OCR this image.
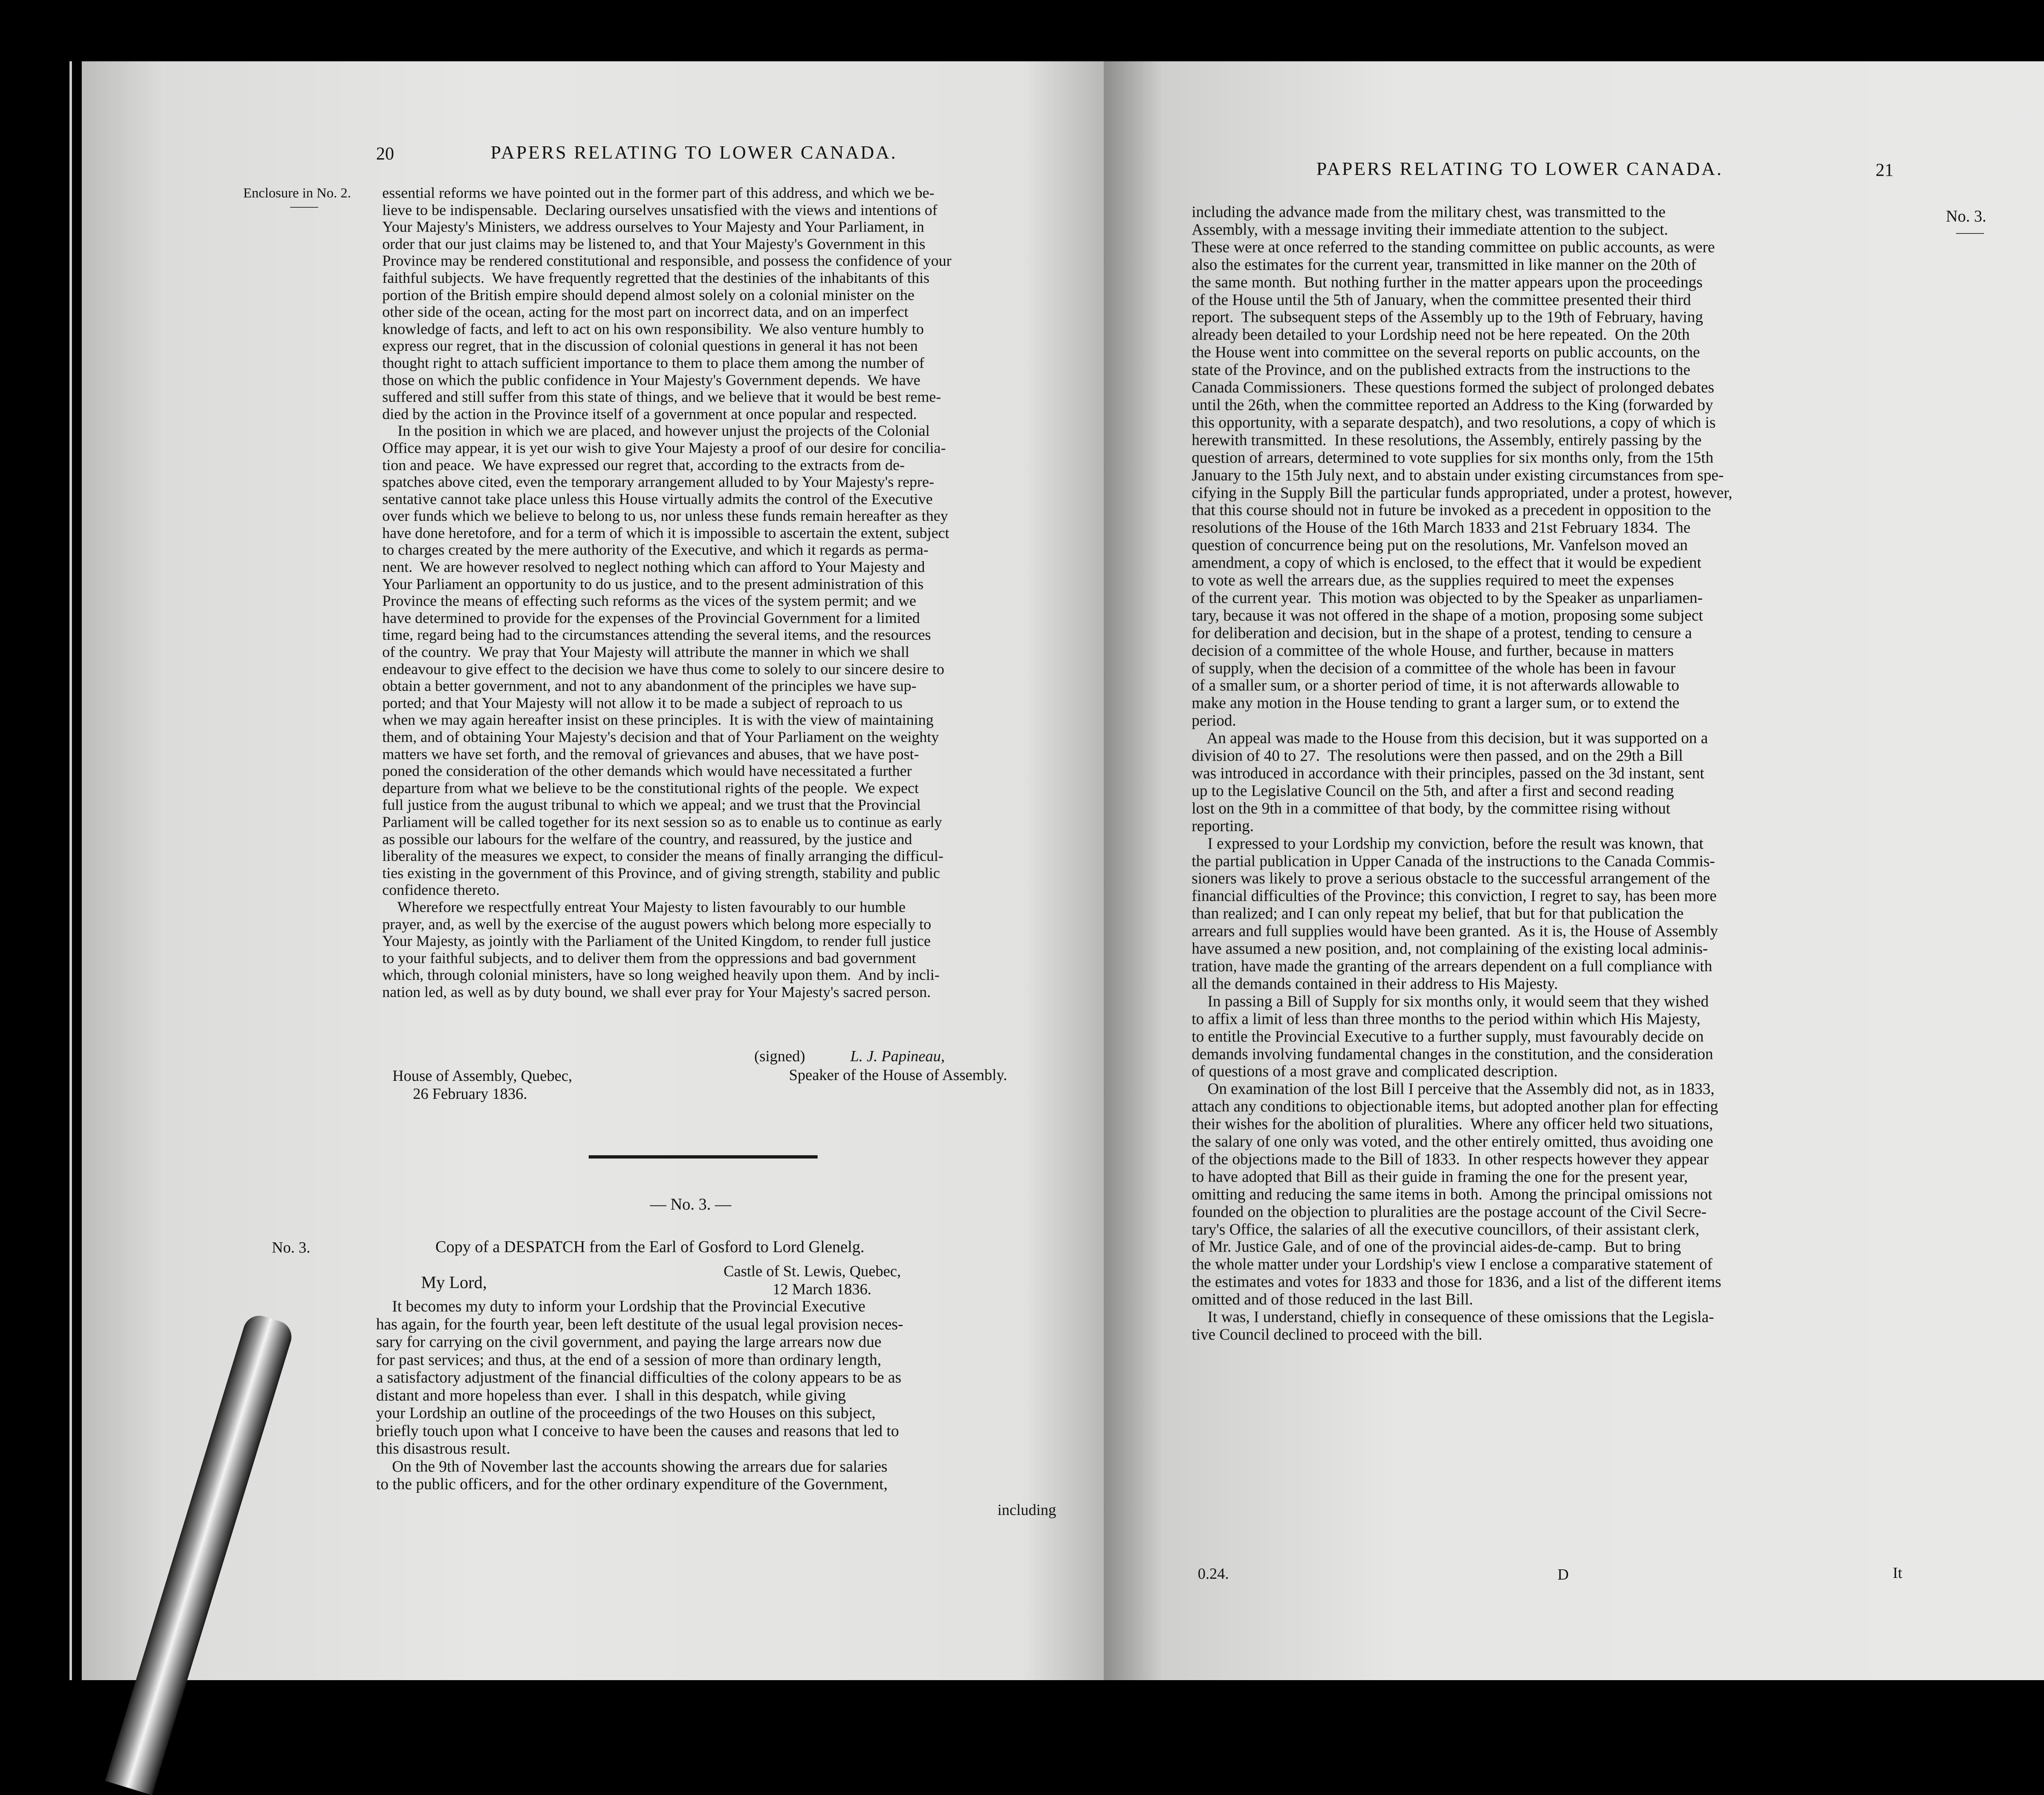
20	PAPERS RELATING TO LOWER CANADA.
Enclosure in No. 2.
——
essential reforms we have pointed out in the former part of this address, and which we be-
lieve to be indispensable.  Declaring ourselves unsatisfied with the views and intentions of
Your Majesty's Ministers, we address ourselves to Your Majesty and Your Parliament, in
order that our just claims may be listened to, and that Your Majesty's Government in this
Province may be rendered constitutional and responsible, and possess the confidence of your
faithful subjects.  We have frequently regretted that the destinies of the inhabitants of this
portion of the British empire should depend almost solely on a colonial minister on the
other side of the ocean, acting for the most part on incorrect data, and on an imperfect
knowledge of facts, and left to act on his own responsibility.  We also venture humbly to
express our regret, that in the discussion of colonial questions in general it has not been
thought right to attach sufficient importance to them to place them among the number of
those on which the public confidence in Your Majesty's Government depends.  We have
suffered and still suffer from this state of things, and we believe that it would be best reme-
died by the action in the Province itself of a government at once popular and respected.
In the position in which we are placed, and however unjust the projects of the Colonial
Office may appear, it is yet our wish to give Your Majesty a proof of our desire for concilia-
tion and peace.  We have expressed our regret that, according to the extracts from de-
spatches above cited, even the temporary arrangement alluded to by Your Majesty's repre-
sentative cannot take place unless this House virtually admits the control of the Executive
over funds which we believe to belong to us, nor unless these funds remain hereafter as they
have done heretofore, and for a term of which it is impossible to ascertain the extent, subject
to charges created by the mere authority of the Executive, and which it regards as perma-
nent.  We are however resolved to neglect nothing which can afford to Your Majesty and
Your Parliament an opportunity to do us justice, and to the present administration of this
Province the means of effecting such reforms as the vices of the system permit; and we
have determined to provide for the expenses of the Provincial Government for a limited
time, regard being had to the circumstances attending the several items, and the resources
of the country.  We pray that Your Majesty will attribute the manner in which we shall
endeavour to give effect to the decision we have thus come to solely to our sincere desire to
obtain a better government, and not to any abandonment of the principles we have sup-
ported; and that Your Majesty will not allow it to be made a subject of reproach to us
when we may again hereafter insist on these principles.  It is with the view of maintaining
them, and of obtaining Your Majesty's decision and that of Your Parliament on the weighty
matters we have set forth, and the removal of grievances and abuses, that we have post-
poned the consideration of the other demands which would have necessitated a further
departure from what we believe to be the constitutional rights of the people.  We expect
full justice from the august tribunal to which we appeal; and we trust that the Provincial
Parliament will be called together for its next session so as to enable us to continue as early
as possible our labours for the welfare of the country, and reassured, by the justice and
liberality of the measures we expect, to consider the means of finally arranging the difficul-
ties existing in the government of this Province, and of giving strength, stability and public
confidence thereto.
Wherefore we respectfully entreat Your Majesty to listen favourably to our humble
prayer, and, as well by the exercise of the august powers which belong more especially to
Your Majesty, as jointly with the Parliament of the United Kingdom, to render full justice
to your faithful subjects, and to deliver them from the oppressions and bad government
which, through colonial ministers, have so long weighed heavily upon them.  And by incli-
nation led, as well as by duty bound, we shall ever pray for Your Majesty's sacred person.
(signed)	L. J. Papineau,
Speaker of the House of Assembly.
House of Assembly, Quebec,
26 February 1836.
— No. 3. —
No. 3.	Copy of a DESPATCH from the Earl of Gosford to Lord Glenelg.
Castle of St. Lewis, Quebec,
12 March 1836.
My Lord,
It becomes my duty to inform your Lordship that the Provincial Executive
has again, for the fourth year, been left destitute of the usual legal provision neces-
sary for carrying on the civil government, and paying the large arrears now due
for past services; and thus, at the end of a session of more than ordinary length,
a satisfactory adjustment of the financial difficulties of the colony appears to be as
distant and more hopeless than ever.  I shall in this despatch, while giving
your Lordship an outline of the proceedings of the two Houses on this subject,
briefly touch upon what I conceive to have been the causes and reasons that led to
this disastrous result.
On the 9th of November last the accounts showing the arrears due for salaries
to the public officers, and for the other ordinary expenditure of the Government,
including
PAPERS RELATING TO LOWER CANADA.	21
No. 3.
——
including the advance made from the military chest, was transmitted to the
Assembly, with a message inviting their immediate attention to the subject.
These were at once referred to the standing committee on public accounts, as were
also the estimates for the current year, transmitted in like manner on the 20th of
the same month.  But nothing further in the matter appears upon the proceedings
of the House until the 5th of January, when the committee presented their third
report.  The subsequent steps of the Assembly up to the 19th of February, having
already been detailed to your Lordship need not be here repeated.  On the 20th
the House went into committee on the several reports on public accounts, on the
state of the Province, and on the published extracts from the instructions to the
Canada Commissioners.  These questions formed the subject of prolonged debates
until the 26th, when the committee reported an Address to the King (forwarded by
this opportunity, with a separate despatch), and two resolutions, a copy of which is
herewith transmitted.  In these resolutions, the Assembly, entirely passing by the
question of arrears, determined to vote supplies for six months only, from the 15th
January to the 15th July next, and to abstain under existing circumstances from spe-
cifying in the Supply Bill the particular funds appropriated, under a protest, however,
that this course should not in future be invoked as a precedent in opposition to the
resolutions of the House of the 16th March 1833 and 21st February 1834.  The
question of concurrence being put on the resolutions, Mr. Vanfelson moved an
amendment, a copy of which is enclosed, to the effect that it would be expedient
to vote as well the arrears due, as the supplies required to meet the expenses
of the current year.  This motion was objected to by the Speaker as unparliamen-
tary, because it was not offered in the shape of a motion, proposing some subject
for deliberation and decision, but in the shape of a protest, tending to censure a
decision of a committee of the whole House, and further, because in matters
of supply, when the decision of a committee of the whole has been in favour
of a smaller sum, or a shorter period of time, it is not afterwards allowable to
make any motion in the House tending to grant a larger sum, or to extend the
period.
An appeal was made to the House from this decision, but it was supported on a
division of 40 to 27.  The resolutions were then passed, and on the 29th a Bill
was introduced in accordance with their principles, passed on the 3d instant, sent
up to the Legislative Council on the 5th, and after a first and second reading
lost on the 9th in a committee of that body, by the committee rising without
reporting.
I expressed to your Lordship my conviction, before the result was known, that
the partial publication in Upper Canada of the instructions to the Canada Commis-
sioners was likely to prove a serious obstacle to the successful arrangement of the
financial difficulties of the Province; this conviction, I regret to say, has been more
than realized; and I can only repeat my belief, that but for that publication the
arrears and full supplies would have been granted.  As it is, the House of Assembly
have assumed a new position, and, not complaining of the existing local adminis-
tration, have made the granting of the arrears dependent on a full compliance with
all the demands contained in their address to His Majesty.
In passing a Bill of Supply for six months only, it would seem that they wished
to affix a limit of less than three months to the period within which His Majesty,
to entitle the Provincial Executive to a further supply, must favourably decide on
demands involving fundamental changes in the constitution, and the consideration
of questions of a most grave and complicated description.
On examination of the lost Bill I perceive that the Assembly did not, as in 1833,
attach any conditions to objectionable items, but adopted another plan for effecting
their wishes for the abolition of pluralities.  Where any officer held two situations,
the salary of one only was voted, and the other entirely omitted, thus avoiding one
of the objections made to the Bill of 1833.  In other respects however they appear
to have adopted that Bill as their guide in framing the one for the present year,
omitting and reducing the same items in both.  Among the principal omissions not
founded on the objection to pluralities are the postage account of the Civil Secre-
tary's Office, the salaries of all the executive councillors, of their assistant clerk,
of Mr. Justice Gale, and of one of the provincial aides-de-camp.  But to bring
the whole matter under your Lordship's view I enclose a comparative statement of
the estimates and votes for 1833 and those for 1836, and a list of the different items
omitted and of those reduced in the last Bill.
It was, I understand, chiefly in consequence of these omissions that the Legisla-
tive Council declined to proceed with the bill.
0.24.	D	It
528
